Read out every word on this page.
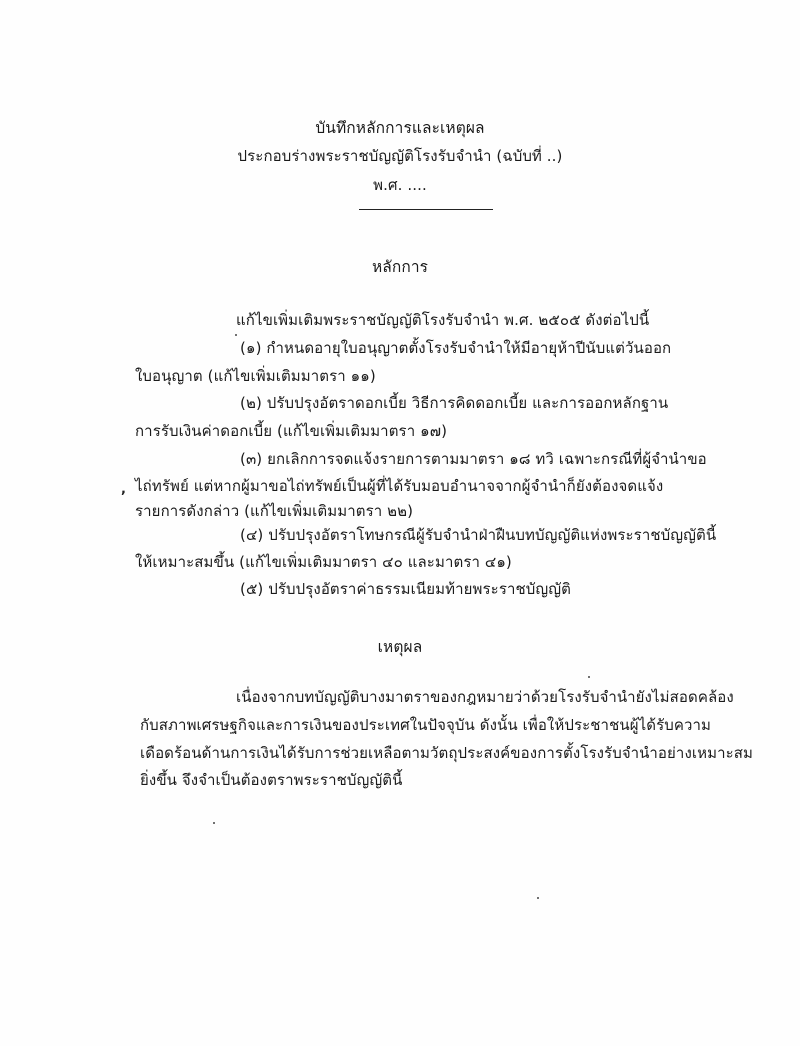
บันทึกหลักการและเหตุผล
ประกอบร่างพระราชบัญญัติโรงรับจำนำ (ฉบับที่ ..)
พ.ศ. ....
หลักการ
แก้ไขเพิ่มเติมพระราชบัญญัติโรงรับจำนำ พ.ศ. ๒๕๐๕ ดังต่อไปนี้
(๑) กำหนดอายุใบอนุญาตตั้งโรงรับจำนำให้มีอายุห้าปีนับแต่วันออก
ใบอนุญาต (แก้ไขเพิ่มเติมมาตรา ๑๑)
(๒) ปรับปรุงอัตราดอกเบี้ย วิธีการคิดดอกเบี้ย และการออกหลักฐาน
การรับเงินค่าดอกเบี้ย (แก้ไขเพิ่มเติมมาตรา ๑๗)
(๓) ยกเลิกการจดแจ้งรายการตามมาตรา ๑๘ ทวิ เฉพาะกรณีที่ผู้จำนำขอ
, ไถ่ทรัพย์ แต่หากผู้มาขอไถ่ทรัพย์เป็นผู้ที่ได้รับมอบอำนาจจากผู้จำนำก็ยังต้องจดแจ้ง
รายการดังกล่าว (แก้ไขเพิ่มเติมมาตรา ๒๒)
(๔) ปรับปรุงอัตราโทษกรณีผู้รับจำนำฝ่าฝืนบทบัญญัติแห่งพระราชบัญญัตินี้
ให้เหมาะสมขึ้น (แก้ไขเพิ่มเติมมาตรา ๔๐ และมาตรา ๔๑)
(๕) ปรับปรุงอัตราค่าธรรมเนียมท้ายพระราชบัญญัติ
เหตุผล
เนื่องจากบทบัญญัติบางมาตราของกฎหมายว่าด้วยโรงรับจำนำยังไม่สอดคล้อง
กับสภาพเศรษฐกิจและการเงินของประเทศในปัจจุบัน ดังนั้น เพื่อให้ประชาชนผู้ได้รับความ
เดือดร้อนด้านการเงินได้รับการช่วยเหลือตามวัตถุประสงค์ของการตั้งโรงรับจำนำอย่างเหมาะสม
ยิ่งขึ้น จึงจำเป็นต้องตราพระราชบัญญัตินี้
